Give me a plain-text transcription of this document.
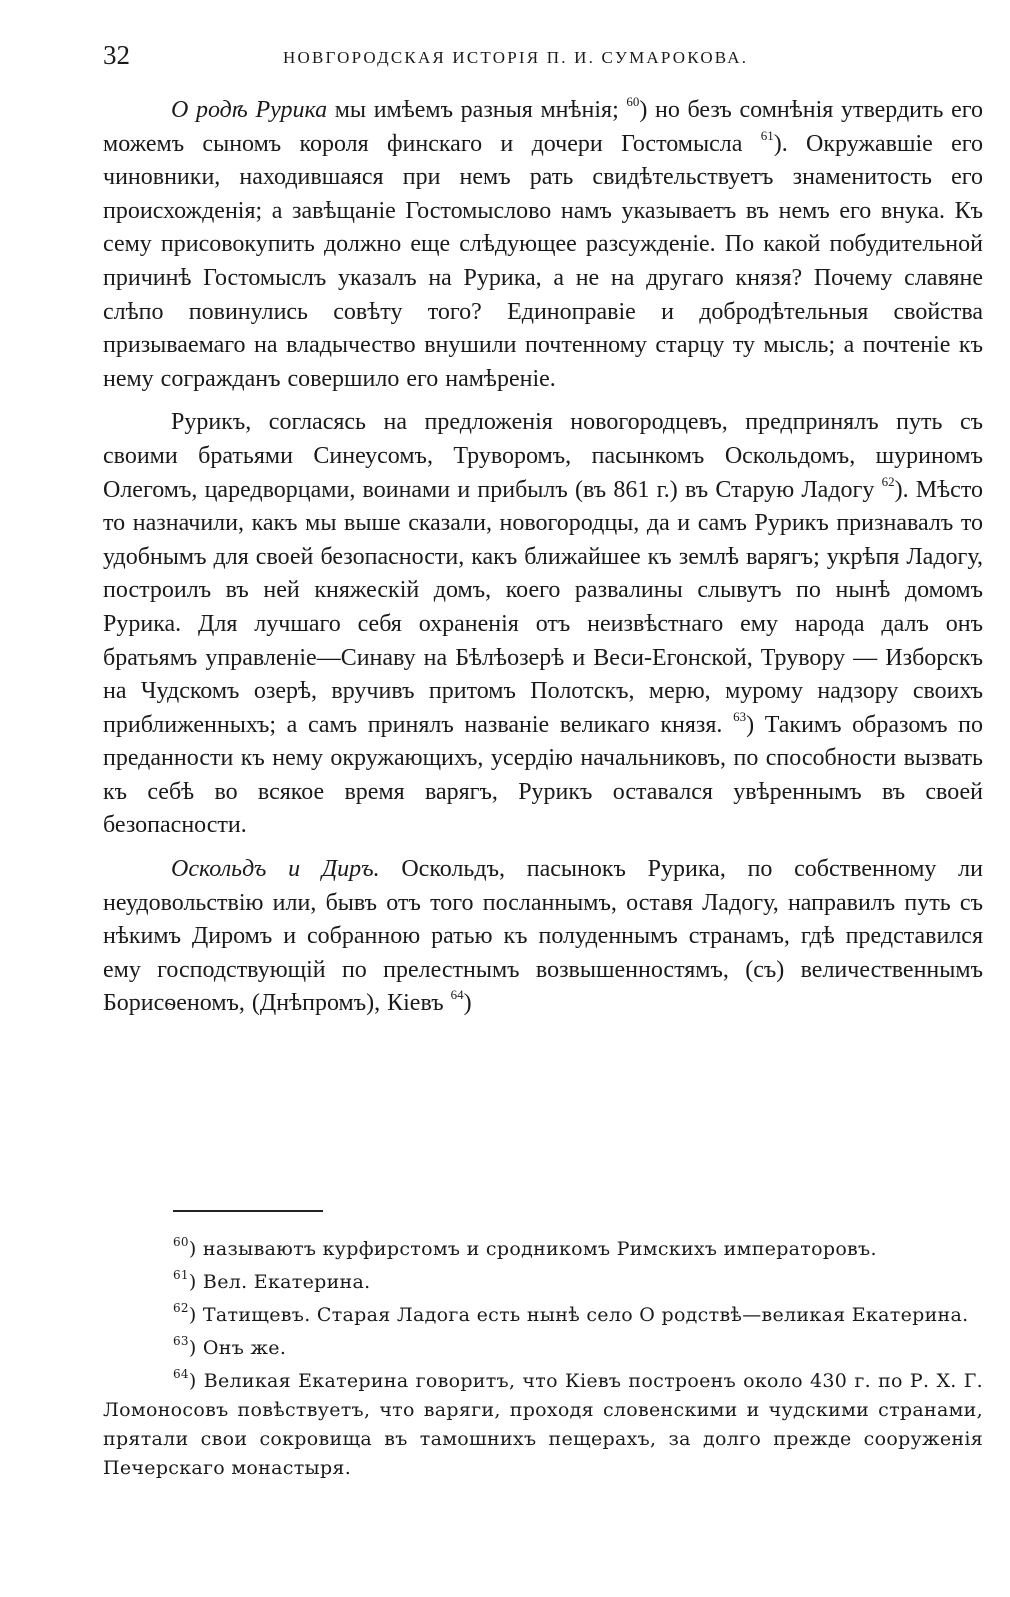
32	НОВГОРОДСКАЯ ИСТОРІЯ П. И. СУМАРОКОВА.

О родѣ Рурика мы имѣемъ разныя мнѣнія; $^{60}$) но безъ сомнѣнія утвердить его можемъ сыномъ короля финскаго и дочери Гостомысла $^{61}$). Окружавшіе его чиновники, находившаяся при немъ рать свидѣтельствуетъ знаменитость его происхожденія; а завѣщаніе Гостомыслово намъ указываетъ въ немъ его внука. Къ сему присовокупить должно еще слѣдующее разсужденіе. По какой побудительной причинѣ Гостомыслъ указалъ на Рурика, а не на другаго князя? Почему славяне слѣпо повинулись совѣту того? Единоправіе и добродѣтельныя свойства призываемаго на владычество внушили почтенному старцу ту мысль; а почтеніе къ нему согражданъ совершило его намѣреніе.

Рурикъ, согласясь на предложенія новогородцевъ, предпринялъ путь съ своими братьями Синеусомъ, Труворомъ, пасынкомъ Оскольдомъ, шуриномъ Олегомъ, царедворцами, воинами и прибылъ (въ 861 г.) въ Старую Ладогу $^{62}$). Мѣсто то назначили, какъ мы выше сказали, новогородцы, да и самъ Рурикъ признавалъ то удобнымъ для своей безопасности, какъ ближайшее къ землѣ варягъ; укрѣпя Ладогу, построилъ въ ней княжескій домъ, коего развалины слывутъ по нынѣ домомъ Рурика. Для лучшаго себя охраненія отъ неизвѣстнаго ему народа далъ онъ братьямъ управленіе—Синаву на Бѣлѣозерѣ и Веси-Егонской, Трувору — Изборскъ на Чудскомъ озерѣ, вручивъ притомъ Полотскъ, мерю, мурому надзору своихъ приближенныхъ; а самъ принялъ названіе великаго князя. $^{63}$) Такимъ образомъ по преданности къ нему окружающихъ, усердію начальниковъ, по способности вызвать къ себѣ во всякое время варягъ, Рурикъ оставался увѣреннымъ въ своей безопасности.

Оскольдъ и Диръ. Оскольдъ, пасынокъ Рурика, по собственному ли неудовольствію или, бывъ отъ того посланнымъ, оставя Ладогу, направилъ путь съ нѣкимъ Диромъ и собранною ратью къ полуденнымъ странамъ, гдѣ представился ему господствующій по прелестнымъ возвышенностямъ, (съ) величественнымъ Борисѳеномъ, (Днѣпромъ), Кіевъ $^{64}$)

$^{60}$) называютъ курфирстомъ и сродникомъ Римскихъ императоровъ.

$^{61}$) Вел. Екатерина.

$^{62}$) Татищевъ. Старая Ладога есть нынѣ село О родствѣ—великая Екатерина.

$^{63}$) Онъ же.

$^{64}$) Великая Екатерина говоритъ, что Кіевъ построенъ около 430 г. по Р. Х. Г. Ломоносовъ повѣствуетъ, что варяги, проходя словенскими и чудскими странами, прятали свои сокровища въ тамошнихъ пещерахъ, за долго прежде сооруженія Печерскаго монастыря.
